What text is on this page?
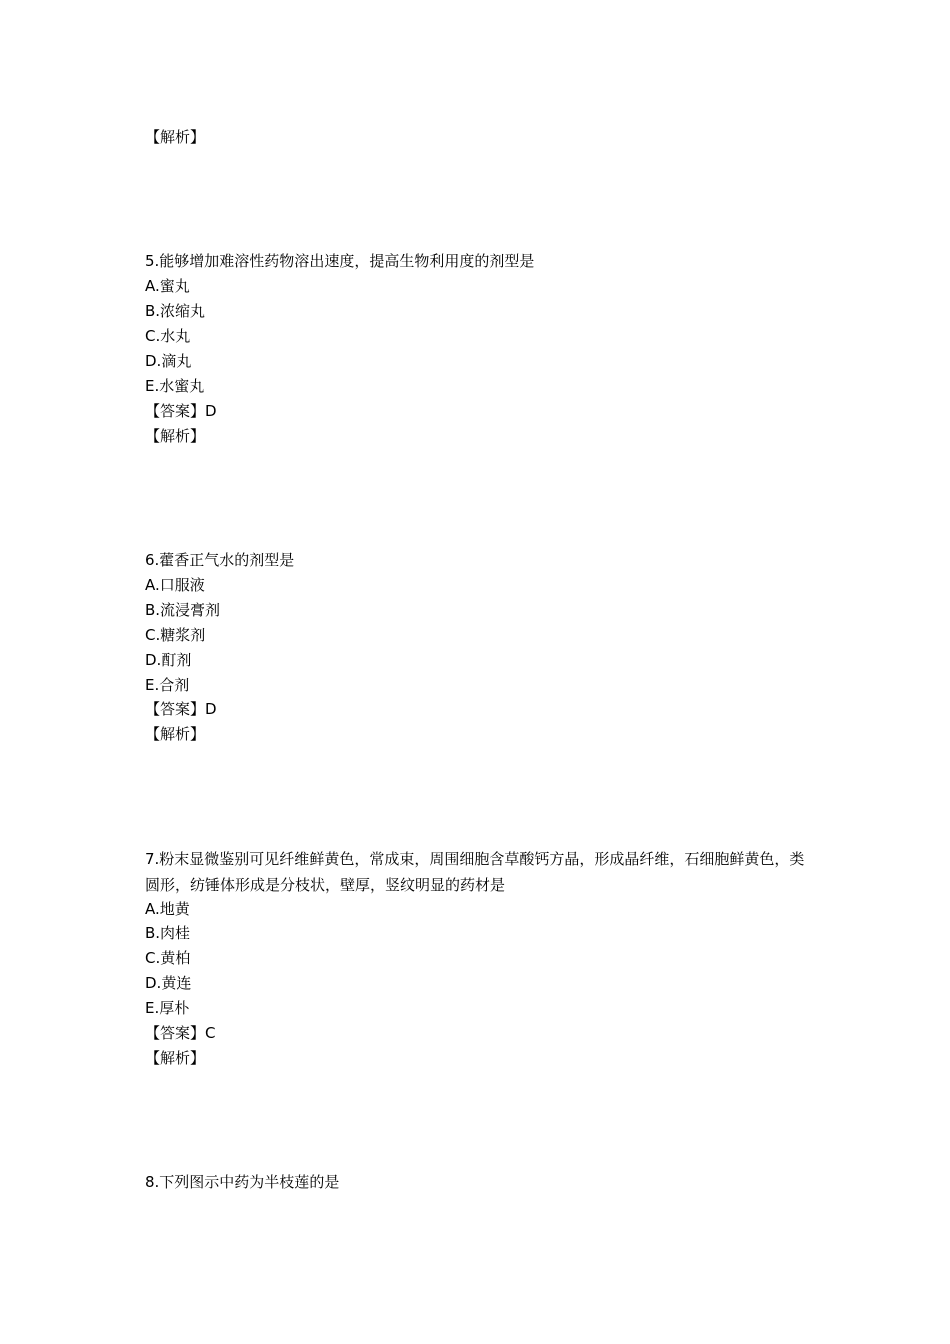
【解析】
5.能够增加难溶性药物溶出速度，提高生物利用度的剂型是
A.蜜丸
B.浓缩丸
C.水丸
D.滴丸
E.水蜜丸
【答案】D
【解析】
6.藿香正气水的剂型是
A.口服液
B.流浸膏剂
C.糖浆剂
D.酊剂
E.合剂
【答案】D
【解析】
7.粉末显微鉴别可见纤维鲜黄色，常成束，周围细胞含草酸钙方晶，形成晶纤维，石细胞鲜黄色，类圆形，纺锤体形成是分枝状，壁厚，竖纹明显的药材是
A.地黄
B.肉桂
C.黄柏
D.黄连
E.厚朴
【答案】C
【解析】
8.下列图示中药为半枝莲的是
